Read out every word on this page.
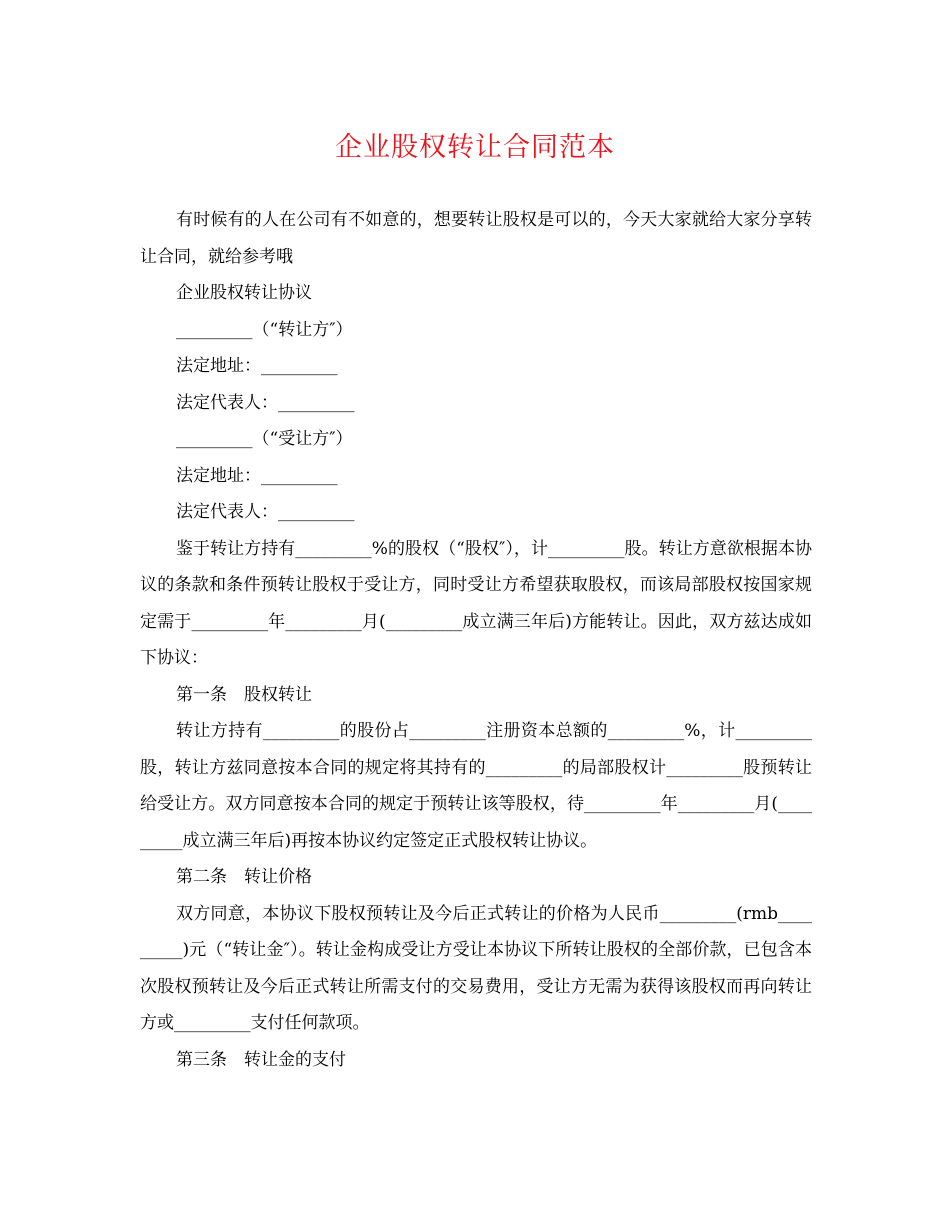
企业股权转让合同范本

有时候有的人在公司有不如意的，想要转让股权是可以的，今天大家就给大家分享转让合同，就给参考哦

企业股权转让协议

_________（“转让方″）

法定地址：_________

法定代表人：_________

_________（“受让方″）

法定地址：_________

法定代表人：_________

鉴于转让方持有_________%的股权（“股权″），计_________股。转让方意欲根据本协议的条款和条件预转让股权于受让方，同时受让方希望获取股权，而该局部股权按国家规定需于_________年_________月(_________成立满三年后)方能转让。因此，双方兹达成如下协议：

第一条　股权转让

转让方持有_________的股份占_________注册资本总额的_________%，计_________股，转让方兹同意按本合同的规定将其持有的_________的局部股权计_________股预转让给受让方。双方同意按本合同的规定于预转让该等股权，待_________年_________月(_________成立满三年后)再按本协议约定签定正式股权转让协议。

第二条　转让价格

双方同意，本协议下股权预转让及今后正式转让的价格为人民币_________(rmb_________)元（“转让金″）。转让金构成受让方受让本协议下所转让股权的全部价款，已包含本次股权预转让及今后正式转让所需支付的交易费用，受让方无需为获得该股权而再向转让方或_________支付任何款项。

第三条　转让金的支付
